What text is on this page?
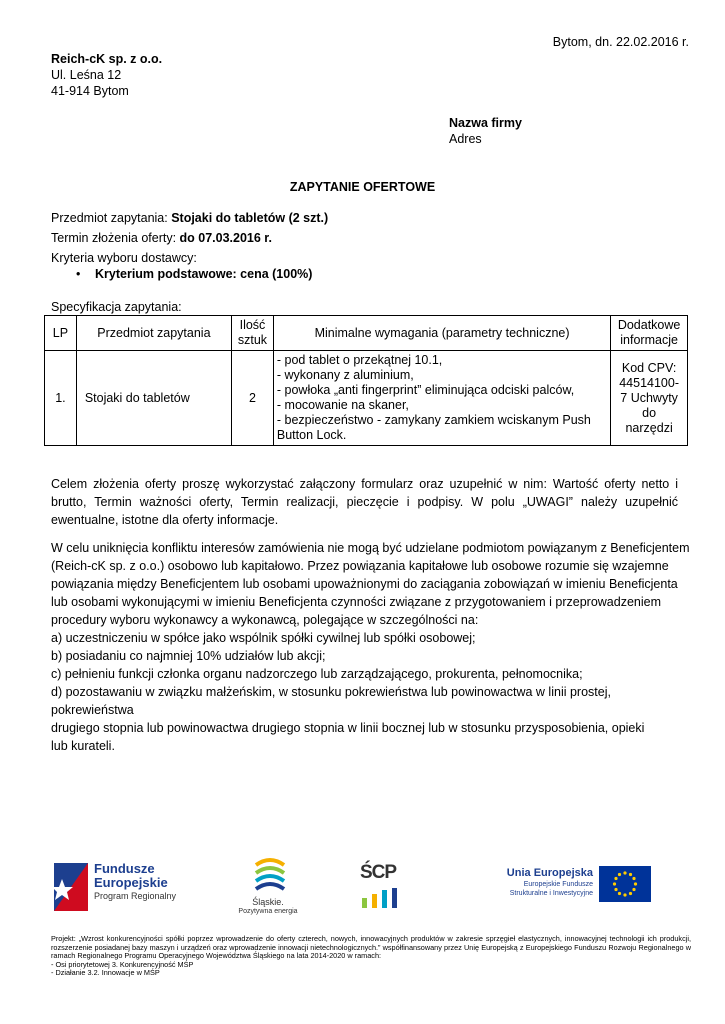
Bytom, dn. 22.02.2016 r.
Reich-cK sp. z o.o.
Ul. Leśna 12
41-914 Bytom
Nazwa firmy
Adres
ZAPYTANIE OFERTOWE
Przedmiot zapytania: Stojaki do tabletów (2 szt.)
Termin złożenia oferty: do 07.03.2016 r.
Kryteria wyboru dostawcy:
• Kryterium podstawowe: cena (100%)
Specyfikacja zapytania:
LP	Przedmiot zapytania	Ilość sztuk	Minimalne wymagania (parametry techniczne)	Dodatkowe informacje
1.	Stojaki do tabletów	2	- pod tablet o przekątnej 10.1,
- wykonany z aluminium,
- powłoka „anti fingerprint” eliminująca odciski palców,
- mocowanie na skaner,
- bezpieczeństwo - zamykany zamkiem wciskanym Push Button Lock.	Kod CPV: 44514100-7 Uchwyty do narzędzi

Celem złożenia oferty proszę wykorzystać załączony formularz oraz uzupełnić w nim: Wartość oferty netto i brutto, Termin ważności oferty, Termin realizacji, pieczęcie i podpisy. W polu „UWAGI” należy uzupełnić ewentualne, istotne dla oferty informacje.

W celu uniknięcia konfliktu interesów zamówienia nie mogą być udzielane podmiotom powiązanym z Beneficjentem
(Reich-cK sp. z o.o.) osobowo lub kapitałowo. Przez powiązania kapitałowe lub osobowe rozumie się wzajemne
powiązania między Beneficjentem lub osobami upoważnionymi do zaciągania zobowiązań w imieniu Beneficjenta
lub osobami wykonującymi w imieniu Beneficjenta czynności związane z przygotowaniem i przeprowadzeniem
procedury wyboru wykonawcy a wykonawcą, polegające w szczególności na:
a) uczestniczeniu w spółce jako wspólnik spółki cywilnej lub spółki osobowej;
b) posiadaniu co najmniej 10% udziałów lub akcji;
c) pełnieniu funkcji członka organu nadzorczego lub zarządzającego, prokurenta, pełnomocnika;
d) pozostawaniu w związku małżeńskim, w stosunku pokrewieństwa lub powinowactwa w linii prostej, pokrewieństwa
drugiego stopnia lub powinowactwa drugiego stopnia w linii bocznej lub w stosunku przysposobienia, opieki
lub kurateli.
Fundusze
Europejskie
Program Regionalny
Śląskie.
Pozytywna energia
ŚCP	Unia Europejska
Europejskie Fundusze
Strukturalne i Inwestycyjne
Projekt: „Wzrost konkurencyjności spółki poprzez wprowadzenie do oferty czterech, nowych, innowacyjnych produktów w zakresie sprzęgieł elastycznych, innowacyjnej technologii ich produkcji, rozszerzenie posiadanej bazy maszyn i urządzeń oraz wprowadzenie innowacji nietechnologicznych.” współfinansowany przez Unię Europejską z Europejskiego Funduszu Rozwoju Regionalnego w ramach Regionalnego Programu Operacyjnego Województwa Śląskiego na lata 2014-2020 w ramach:
- Osi priorytetowej 3. Konkurencyjność MŚP
- Działanie 3.2. Innowacje w MŚP
